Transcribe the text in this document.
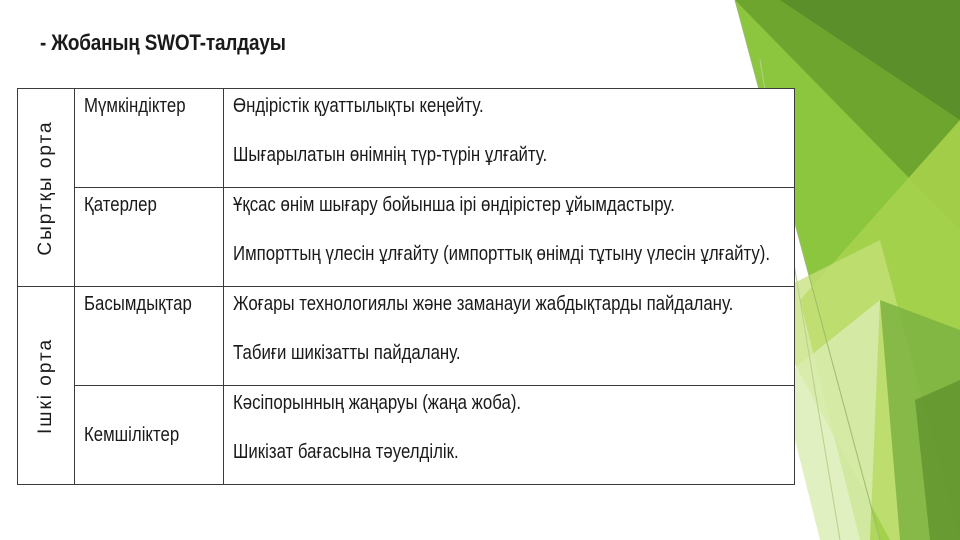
- Жобаның SWOT-талдауы
Сыртқы орта	Мүмкіндіктер	Өндірістік қуаттылықты кеңейту.
Шығарылатын өнімнің түр-түрін ұлғайту.

	Қатерлер	Ұқсас өнім шығару бойынша ірі өндірістер ұйымдастыру.
Импорттың үлесін ұлғайту (импорттық өнімді тұтыну үлесін ұлғайту).

Ішкі орта	Басымдықтар	Жоғары технологиялы және заманауи жабдықтарды пайдалану.
Табиғи шикізатты пайдалану.

	Кемшіліктер	Кәсіпорынның жаңаруы (жаңа жоба).
Шикізат бағасына тәуелділік.
